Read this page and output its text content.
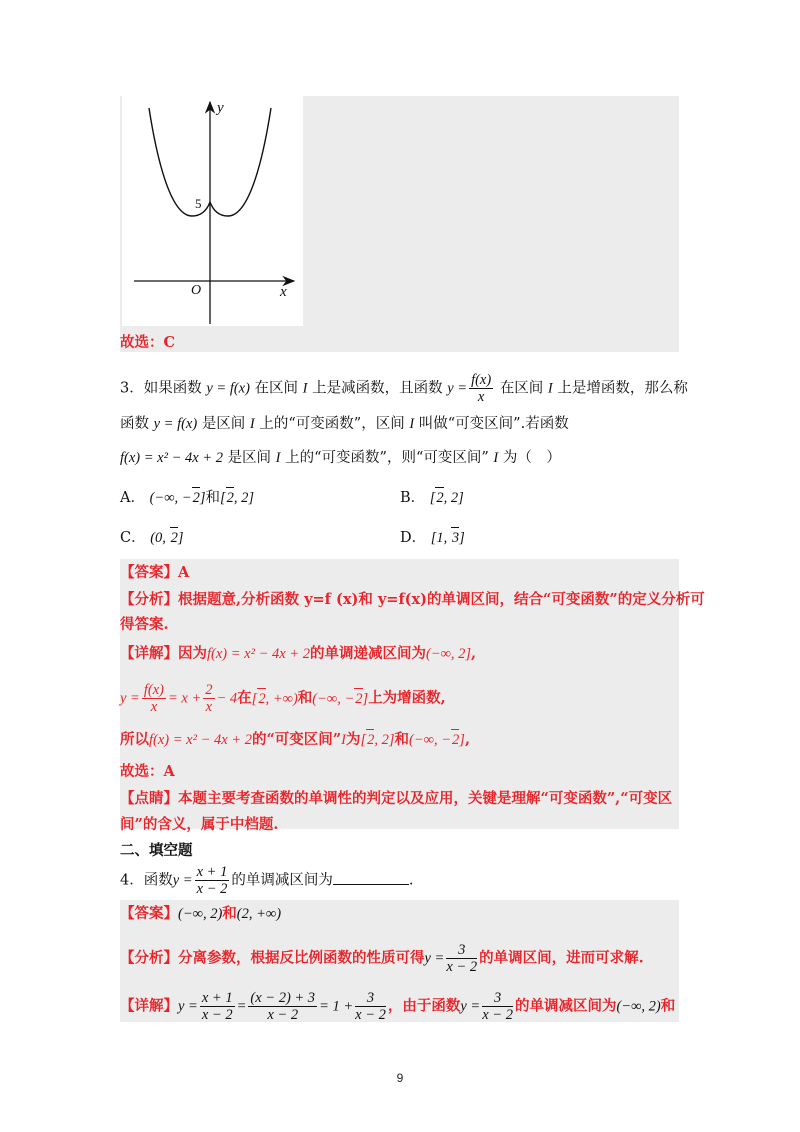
y
x
O
5
故选：C
3．如果函数 y = f(x) 在区间 I 上是减函数，且函数 $y = \frac{f(x)}{x}$ 在区间 I 上是增函数，那么称
函数 y = f(x) 是区间 I 上的“可变函数”，区间 I 叫做“可变区间”.若函数
f(x) = x² − 4x + 2 是区间 I 上的“可变函数”，则“可变区间” I 为（　）
A． (−∞, −2]和[2, 2]	B． [2, 2]
C． (0, 2]	D． [1, 3]
【答案】A
【分析】根据题意,分析函数 y=f (x)和 y=f(x)的单调区间，结合“可变函数”的定义分析可
得答案.
【详解】因为f(x) = x² − 4x + 2的单调递减区间为(−∞, 2],
$y = \frac{f(x)}{x} = x + \frac{2}{x} - 4$在[2, +∞)和(−∞, −2]上为增函数,
所以f(x) = x² − 4x + 2的“可变区间”I为[2, 2]和(−∞, −2],
故选：A
【点睛】本题主要考查函数的单调性的判定以及应用，关键是理解“可变函数”,“可变区
间”的含义，属于中档题.
二、填空题
4．函数$y = \frac{x + 1}{x - 2}$ 的单调减区间为	.
【答案】(−∞, 2)和(2, +∞)
【分析】分离参数，根据反比例函数的性质可得$y = \frac{3}{x - 2}$ 的单调区间，进而可求解.
【详解】$y = \frac{x + 1}{x - 2} = \frac{(x - 2) + 3}{x - 2} = 1 + \frac{3}{x - 2}$ ，由于函数$y = \frac{3}{x - 2}$ 的单调减区间为(−∞, 2)和
9
